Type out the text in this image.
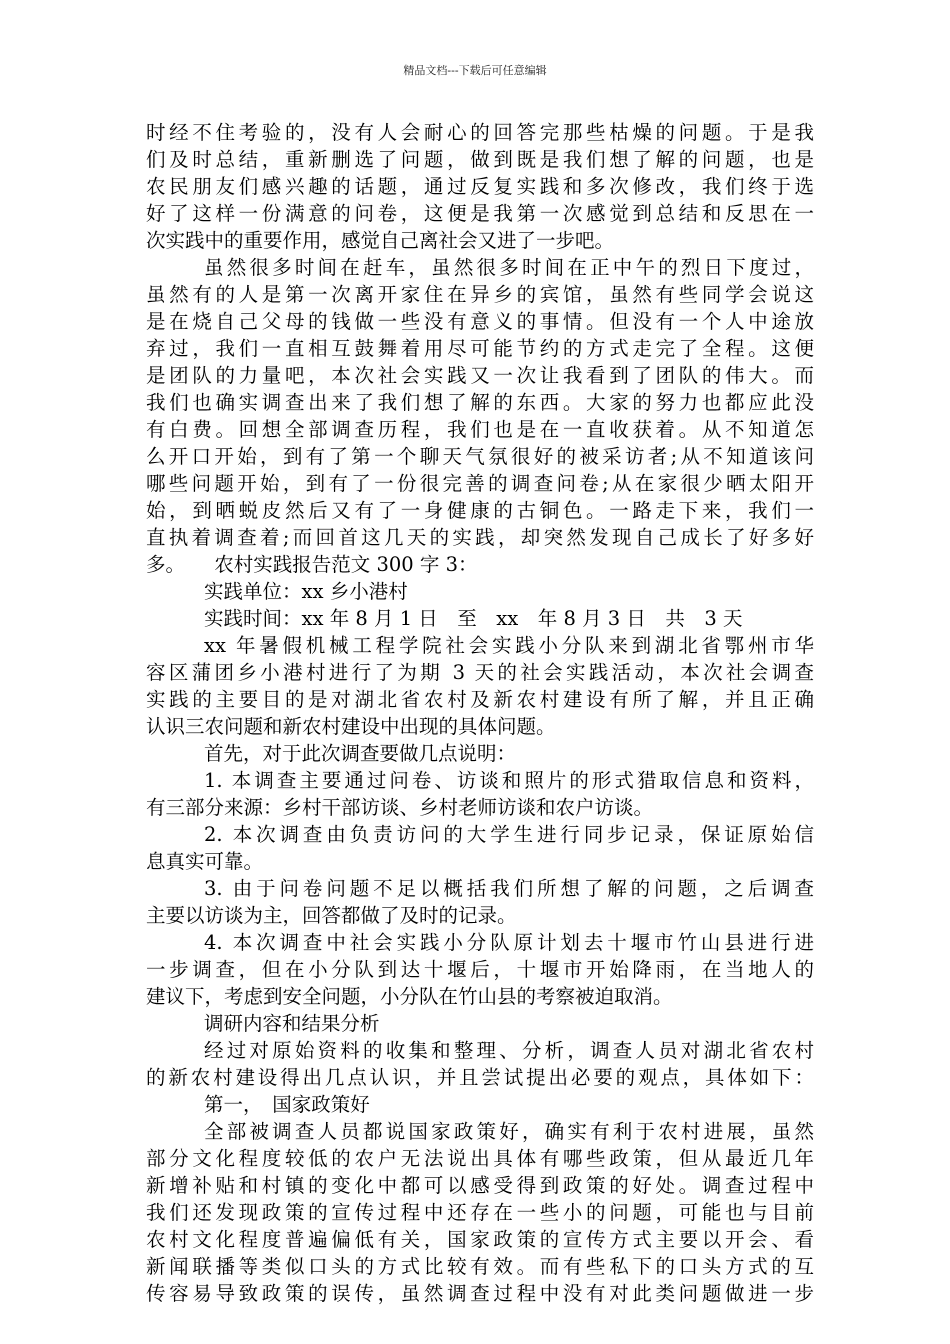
精品文档---下载后可任意编辑
时经不住考验的，没有人会耐心的回答完那些枯燥的问题。于是我
们及时总结，重新删选了问题，做到既是我们想了解的问题，也是
农民朋友们感兴趣的话题，通过反复实践和多次修改，我们终于选
好了这样一份满意的问卷，这便是我第一次感觉到总结和反思在一
次实践中的重要作用，感觉自己离社会又进了一步吧。
虽然很多时间在赶车，虽然很多时间在正中午的烈日下度过，
虽然有的人是第一次离开家住在异乡的宾馆，虽然有些同学会说这
是在烧自己父母的钱做一些没有意义的事情。但没有一个人中途放
弃过，我们一直相互鼓舞着用尽可能节约的方式走完了全程。这便
是团队的力量吧，本次社会实践又一次让我看到了团队的伟大。而
我们也确实调查出来了我们想了解的东西。大家的努力也都应此没
有白费。回想全部调查历程，我们也是在一直收获着。从不知道怎
么开口开始，到有了第一个聊天气氛很好的被采访者;从不知道该问
哪些问题开始，到有了一份很完善的调查问卷;从在家很少晒太阳开
始，到晒蜕皮然后又有了一身健康的古铜色。一路走下来，我们一
直执着调查着;而回首这几天的实践，却突然发现自己成长了好多好
多。　　农村实践报告范文 300 字 3：
实践单位：xx 乡小港村
实践时间：xx 年 8 月 1 日　至　xx　年 8 月 3 日　共　3 天
xx 年暑假机械工程学院社会实践小分队来到湖北省鄂州市华
容区蒲团乡小港村进行了为期 3 天的社会实践活动，本次社会调查
实践的主要目的是对湖北省农村及新农村建设有所了解，并且正确
认识三农问题和新农村建设中出现的具体问题。
首先，对于此次调查要做几点说明：
1. 本调查主要通过问卷、访谈和照片的形式猎取信息和资料，
有三部分来源：乡村干部访谈、乡村老师访谈和农户访谈。
2. 本次调查由负责访问的大学生进行同步记录，保证原始信
息真实可靠。
3. 由于问卷问题不足以概括我们所想了解的问题，之后调查
主要以访谈为主，回答都做了及时的记录。
4. 本次调查中社会实践小分队原计划去十堰市竹山县进行进
一步调查，但在小分队到达十堰后，十堰市开始降雨，在当地人的
建议下，考虑到安全问题，小分队在竹山县的考察被迫取消。
调研内容和结果分析
经过对原始资料的收集和整理、分析，调查人员对湖北省农村
的新农村建设得出几点认识，并且尝试提出必要的观点，具体如下：
第一，　国家政策好
全部被调查人员都说国家政策好，确实有利于农村进展，虽然
部分文化程度较低的农户无法说出具体有哪些政策，但从最近几年
新增补贴和村镇的变化中都可以感受得到政策的好处。调查过程中
我们还发现政策的宣传过程中还存在一些小的问题，可能也与目前
农村文化程度普遍偏低有关，国家政策的宣传方式主要以开会、看
新闻联播等类似口头的方式比较有效。而有些私下的口头方式的互
传容易导致政策的误传，虽然调查过程中没有对此类问题做进一步
